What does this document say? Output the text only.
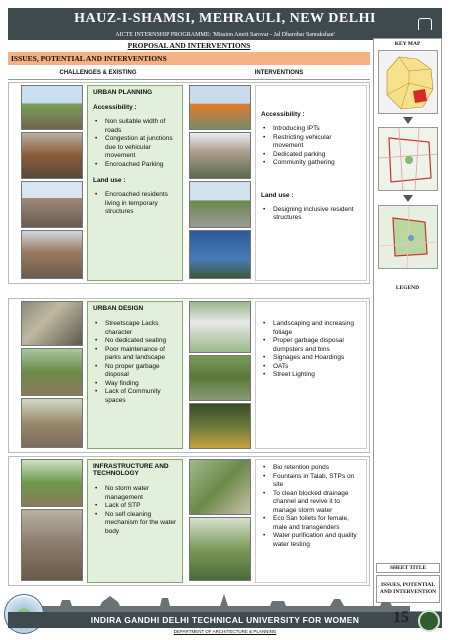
HAUZ-I-SHAMSI, MEHRAULI, NEW DELHI
AICTE INTERNSHIP PROGRAMME: 'Mission Amrit Sarovar - Jal Dharohar Sanrakshan'
PROPOSAL AND INTERVENTIONS
ISSUES, POTENTIAL AND INTERVENTIONS
CHALLENGES & EXISTING	INTERVENTIONS
URBAN PLANNING
Accessibility :
• Non suitable width of roads
• Congestion at junctions due to vehicular movement
• Encroached Parking
Land use :
• Encroached residents living in temporary structures
Accessibility :
• Introducing IPTs
• Restricting vehicular movement
• Dedicated parking
• Community gathering
Land use :
• Designing inclusive resident structures
URBAN DESIGN
• Streetscape Lacks character
• No dedicated seating
• Poor maintenance of parks and landscape
• No proper garbage disposal
• Way finding
• Lack of Community spaces
• Landscaping and increasing foliage
• Proper garbage disposal dumpsters and bins
• Signages and Hoardings
• OATs
• Street Lighting
INFRASTRUCTURE AND TECHNOLOGY
• No storm water management
• Lack of STP
• No self cleaning mechanism for the water body
• Bio retention ponds
• Fountains in Talab, STPs on site
• To clean blocked drainage channel and revive it to manage storm water
• Eco San toilets for female, male and transgenders
• Water purification and quality water testing
KEY MAP
LEGEND
SHEET TITLE
ISSUES, POTENTIAL AND INTERVENTION
INDIRA GANDHI DELHI TECHNICAL UNIVERSITY FOR WOMEN
DEPARTMENT OF ARCHITECTURE & PLANNING
15
